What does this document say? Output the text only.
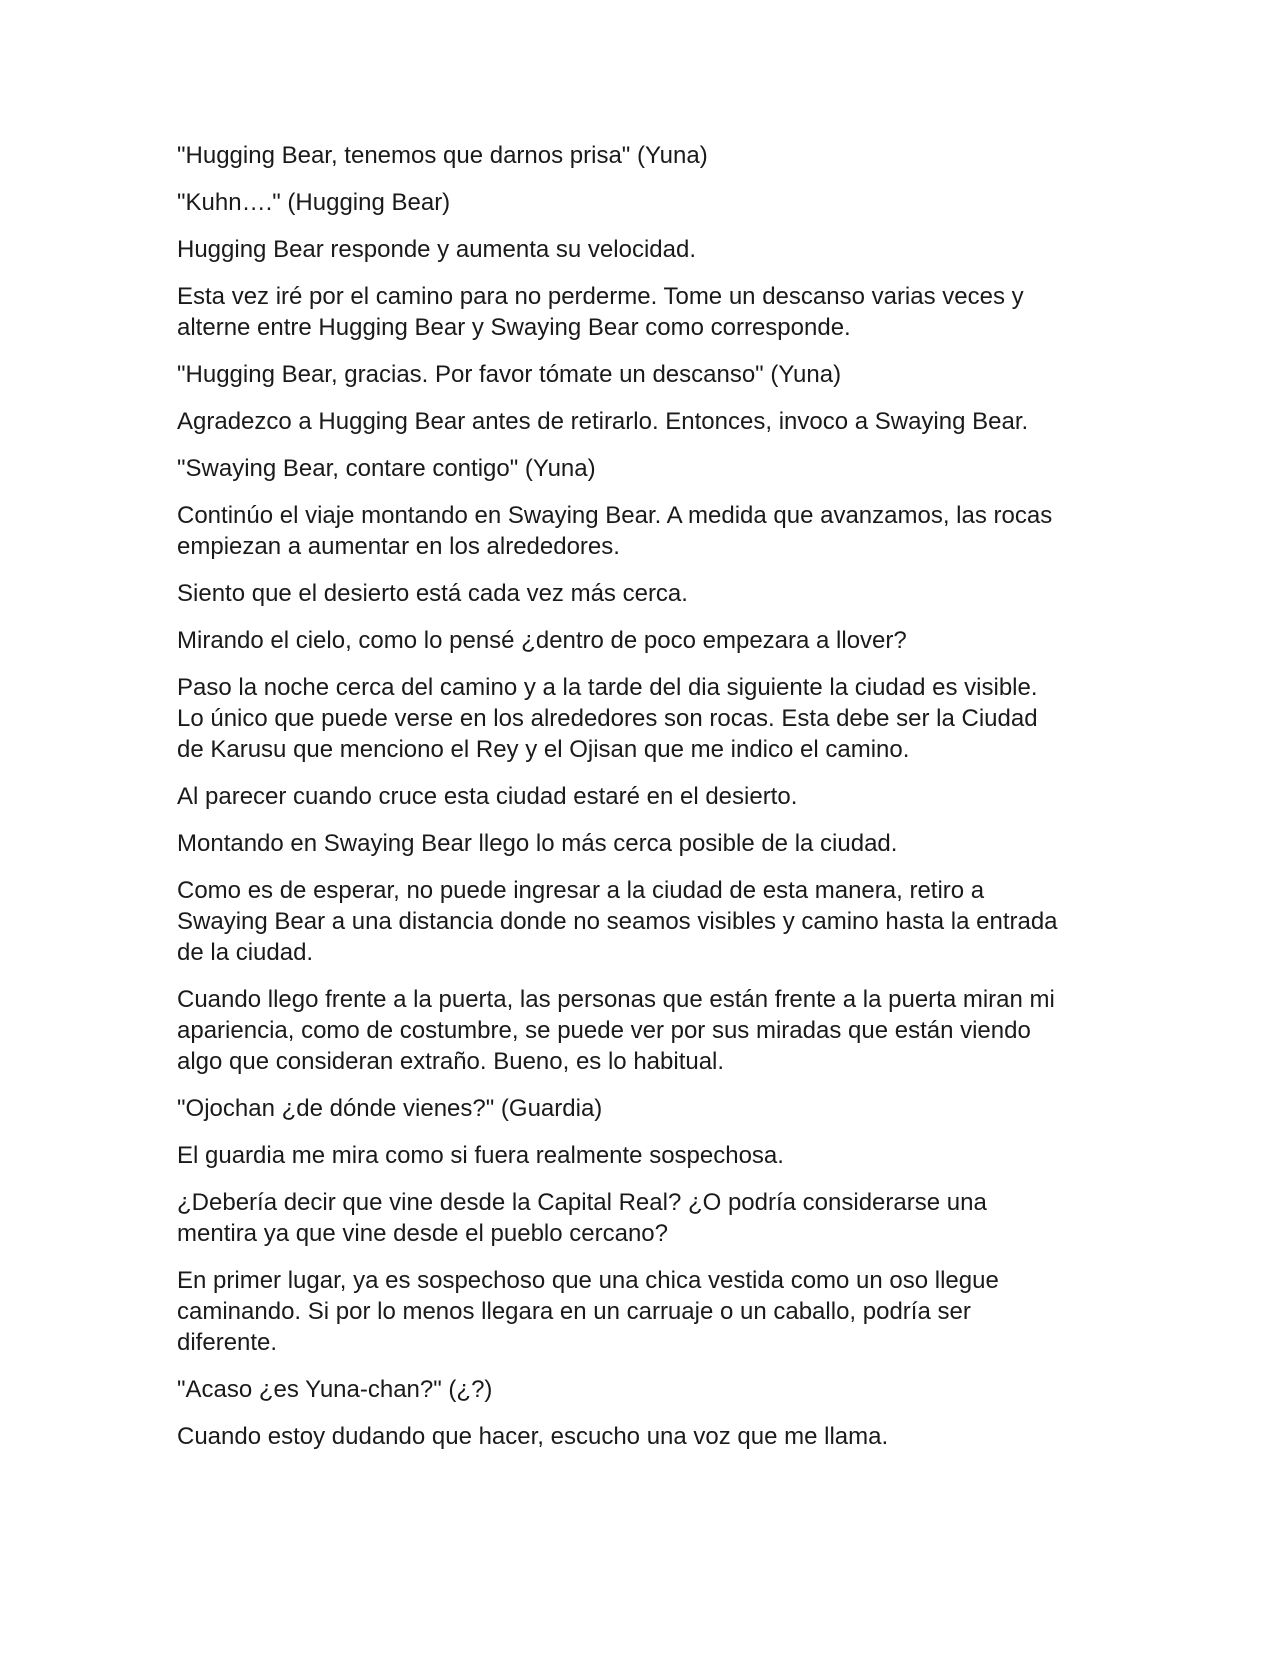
"Hugging Bear, tenemos que darnos prisa" (Yuna)

"Kuhn…." (Hugging Bear)

Hugging Bear responde y aumenta su velocidad.

Esta vez iré por el camino para no perderme. Tome un descanso varias veces y
alterne entre Hugging Bear y Swaying Bear como corresponde.

"Hugging Bear, gracias. Por favor tómate un descanso" (Yuna)

Agradezco a Hugging Bear antes de retirarlo. Entonces, invoco a Swaying Bear.

"Swaying Bear, contare contigo" (Yuna)

Continúo el viaje montando en Swaying Bear. A medida que avanzamos, las rocas
empiezan a aumentar en los alrededores.

Siento que el desierto está cada vez más cerca.

Mirando el cielo, como lo pensé ¿dentro de poco empezara a llover?

Paso la noche cerca del camino y a la tarde del dia siguiente la ciudad es visible.
Lo único que puede verse en los alrededores son rocas. Esta debe ser la Ciudad
de Karusu que menciono el Rey y el Ojisan que me indico el camino.

Al parecer cuando cruce esta ciudad estaré en el desierto.

Montando en Swaying Bear llego lo más cerca posible de la ciudad.

Como es de esperar, no puede ingresar a la ciudad de esta manera, retiro a
Swaying Bear a una distancia donde no seamos visibles y camino hasta la entrada
de la ciudad.

Cuando llego frente a la puerta, las personas que están frente a la puerta miran mi
apariencia, como de costumbre, se puede ver por sus miradas que están viendo
algo que consideran extraño. Bueno, es lo habitual.

"Ojochan ¿de dónde vienes?" (Guardia)

El guardia me mira como si fuera realmente sospechosa.

¿Debería decir que vine desde la Capital Real? ¿O podría considerarse una
mentira ya que vine desde el pueblo cercano?

En primer lugar, ya es sospechoso que una chica vestida como un oso llegue
caminando. Si por lo menos llegara en un carruaje o un caballo, podría ser
diferente.

"Acaso ¿es Yuna-chan?" (¿?)

Cuando estoy dudando que hacer, escucho una voz que me llama.
